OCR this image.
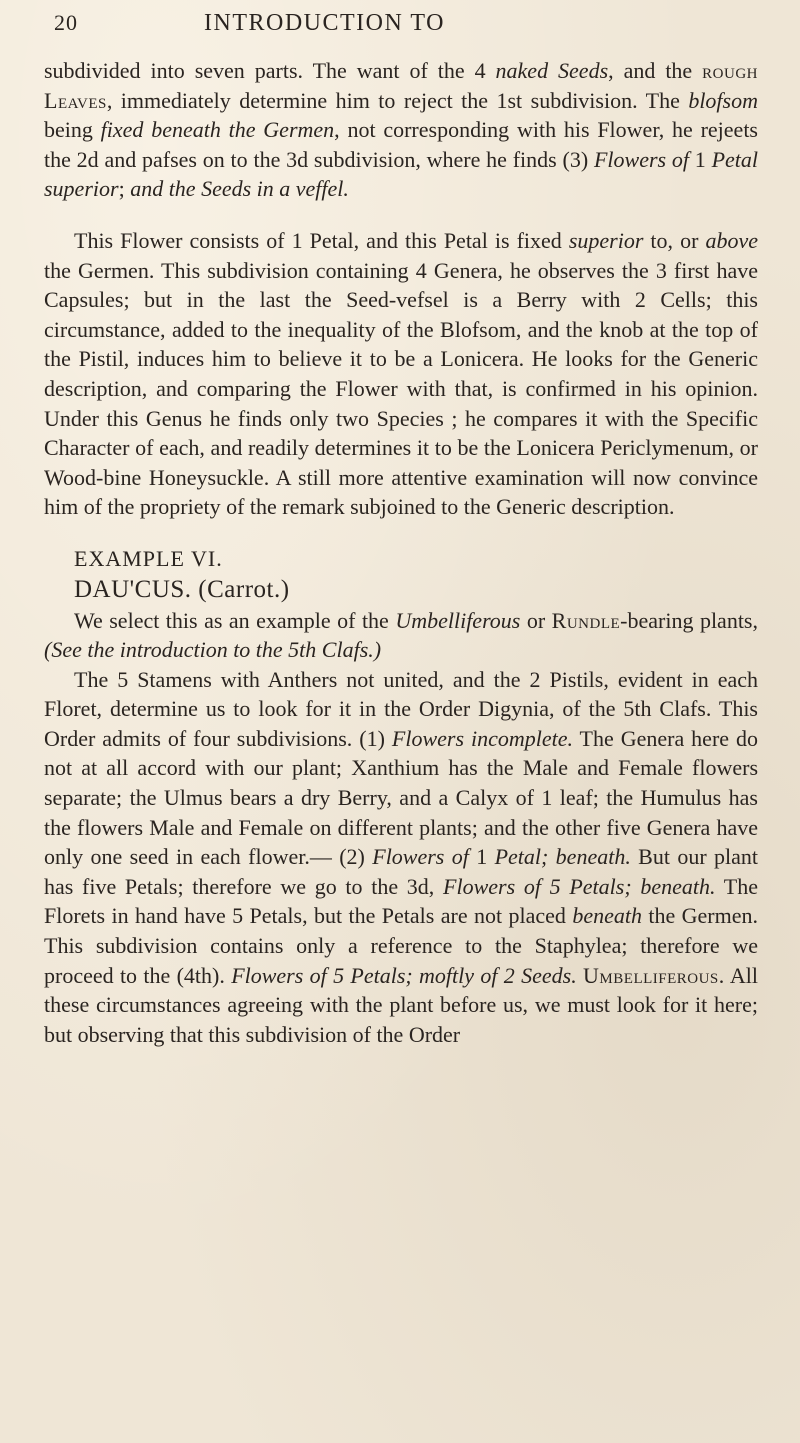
20	INTRODUCTION TO

subdivided into seven parts. The want of the 4 naked Seeds, and the rough Leaves, immediately determine him to reject the 1st subdivision. The blofsom being fixed beneath the Germen, not corresponding with his Flower, he rejeets the 2d and pafses on to the 3d subdivision, where he finds (3) Flowers of 1 Petal superior; and the Seeds in a veffel.

This Flower consists of 1 Petal, and this Petal is fixed superior to, or above the Germen. This subdivision containing 4 Genera, he observes the 3 first have Capsules; but in the last the Seed-vefsel is a Berry with 2 Cells; this circumstance, added to the inequality of the Blofsom, and the knob at the top of the Pistil, induces him to believe it to be a Lonicera. He looks for the Generic description, and comparing the Flower with that, is confirmed in his opinion. Under this Genus he finds only two Species ; he compares it with the Specific Character of each, and readily determines it to be the Lonicera Periclymenum, or Wood-bine Honeysuckle. A still more attentive examination will now convince him of the propriety of the remark subjoined to the Generic description.

EXAMPLE VI.

DAU'CUS. (Carrot.)

We select this as an example of the Umbelliferous or Rundle-bearing plants, (See the introduction to the 5th Clafs.)

The 5 Stamens with Anthers not united, and the 2 Pistils, evident in each Floret, determine us to look for it in the Order Digynia, of the 5th Clafs. This Order admits of four subdivisions. (1) Flowers incomplete. The Genera here do not at all accord with our plant; Xanthium has the Male and Female flowers separate; the Ulmus bears a dry Berry, and a Calyx of 1 leaf; the Humulus has the flowers Male and Female on different plants; and the other five Genera have only one seed in each flower.— (2) Flowers of 1 Petal; beneath. But our plant has five Petals; therefore we go to the 3d, Flowers of 5 Petals; beneath. The Florets in hand have 5 Petals, but the Petals are not placed beneath the Germen. This subdivision contains only a reference to the Staphylea; therefore we proceed to the (4th). Flowers of 5 Petals; moftly of 2 Seeds. Umbelliferous. All these circumstances agreeing with the plant before us, we must look for it here; but observing that this subdivision of the Order
